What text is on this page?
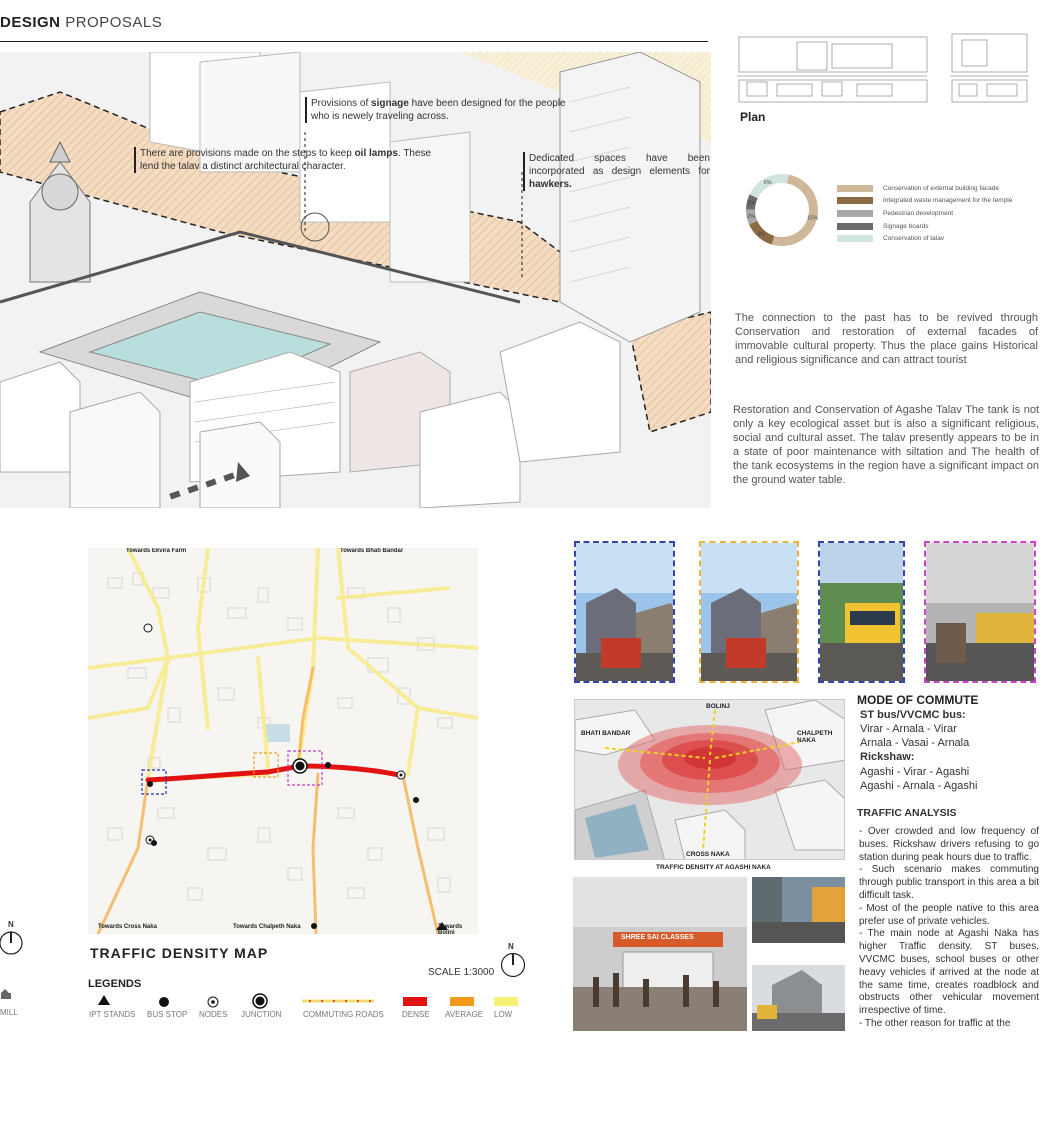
DESIGN PROPOSALS
Provisions of signage have been designed for the people who is newely traveling across.
There are provisions made on the steps to keep oil lamps. These lend the talav a distinct architectural character.
Dedicated spaces have been incorporated as design elements for hawkers.
Plan
15%
4%
2%
2%
6%
Conservation of external building facade
Integrated waste management for the temple
Pedestrian development
Signage boards
Conservation of talav
The connection to the past has to be revived through Conservation and restoration of external facades of immovable cultural property. Thus the place gains Historical and religious significance and can attract tourist
Restoration and Conservation of Agashe Talav The tank is not only a key ecological asset but is also a significant religious, social and cultural asset. The talav presently appears to be in a state of poor maintenance with siltation and The health of the tank ecosystems in the region have a significant impact on the ground water table.
Towards Ekvira Farm	Towards Bhati Bandar
Towards Cross Naka	Towards Chalpeth Naka	Towards Bolinj
TRAFFIC DENSITY MAP
SCALE 1:3000
N
N
MILL
LEGENDS
IPT STANDS BUS STOP NODES JUNCTION	COMMUTING ROADS DENSE AVERAGE LOW
BOLINJ
BHATI BANDAR	CHALPETH NAKA
CROSS NAKA
TRAFFIC DENSITY AT AGASHI NAKA
SHREE SAI CLASSES
MODE OF COMMUTE
ST bus/VVCMC bus:
Virar - Arnala - Virar
Arnala - Vasai - Arnala
Rickshaw:
Agashi - Virar - Agashi
Agashi - Arnala - Agashi
TRAFFIC ANALYSIS

- Over crowded and low frequency of buses. Rickshaw drivers refusing to go station during peak hours due to traffic.

- Such scenario makes commuting through public transport in this area a bit difficult task.

- Most of the people native to this area prefer use of private vehicles.

- The main node at Agashi Naka has higher Traffic density. ST buses, VVCMC buses, school buses or other heavy vehicles if arrived at the node at the same time, creates roadblock and obstructs other vehicular movement irrespective of time.

- The other reason for traffic at the
